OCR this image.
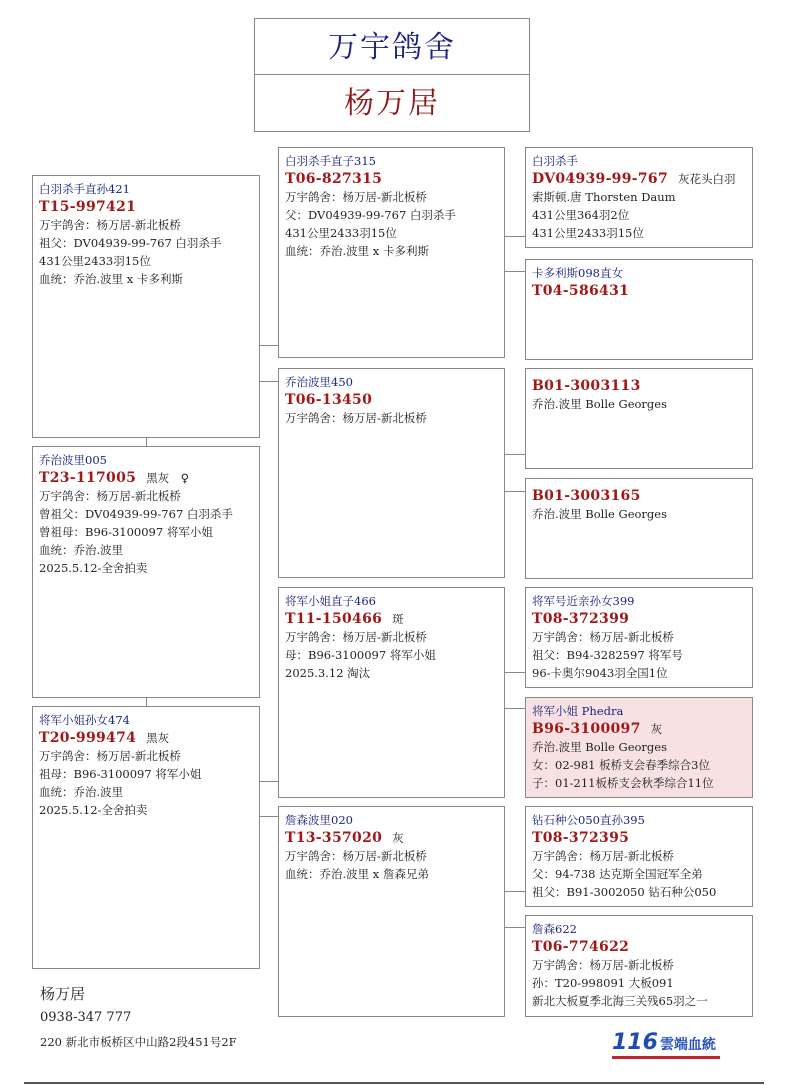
万宇鸽舍
杨万居
白羽杀手直孙421
T15-997421
万宇鸽舍：杨万居-新北板桥
祖父：DV04939-99-767 白羽杀手
431公里2433羽15位
血统：乔治.波里 x 卡多利斯
乔治波里005
T23-117005 黑灰　♀
万宇鸽舍：杨万居-新北板桥
曾祖父：DV04939-99-767 白羽杀手
曾祖母：B96-3100097 将军小姐
血统：乔治.波里
2025.5.12-全舍拍卖
将军小姐孙女474
T20-999474 黑灰
万宇鸽舍：杨万居-新北板桥
祖母：B96-3100097 将军小姐
血统：乔治.波里
2025.5.12-全舍拍卖
白羽杀手直子315
T06-827315
万宇鸽舍：杨万居-新北板桥
父：DV04939-99-767 白羽杀手
431公里2433羽15位
血统：乔治.波里 x 卡多利斯
乔治波里450
T06-13450
万宇鸽舍：杨万居-新北板桥
将军小姐直子466
T11-150466 斑
万宇鸽舍：杨万居-新北板桥
母：B96-3100097 将军小姐
2025.3.12 淘汰
詹森波里020
T13-357020 灰
万宇鸽舍：杨万居-新北板桥
血统：乔治.波里 x 詹森兄弟
白羽杀手
DV04939-99-767 灰花头白羽
索斯顿.唐 Thorsten Daum
431公里364羽2位
431公里2433羽15位
卡多利斯098直女
T04-586431
B01-3003113
乔治.波里 Bolle Georges
B01-3003165
乔治.波里 Bolle Georges
将军号近亲孙女399
T08-372399
万宇鸽舍：杨万居-新北板桥
祖父：B94-3282597 将军号
96-卡奥尔9043羽全国1位
将军小姐 Phedra
B96-3100097 灰
乔治.波里 Bolle Georges
女：02-981 板桥支会春季综合3位
子：01-211板桥支会秋季综合11位
钻石种公050直孙395
T08-372395
万宇鸽舍：杨万居-新北板桥
父：94-738 达克斯全国冠军全弟
祖父：B91-3002050 钻石种公050
詹森622
T06-774622
万宇鸽舍：杨万居-新北板桥
孙：T20-998091 大板091
新北大板夏季北海三关残65羽之一
杨万居
0938-347 777
220 新北市板桥区中山路2段451号2F	116 雲端血統
